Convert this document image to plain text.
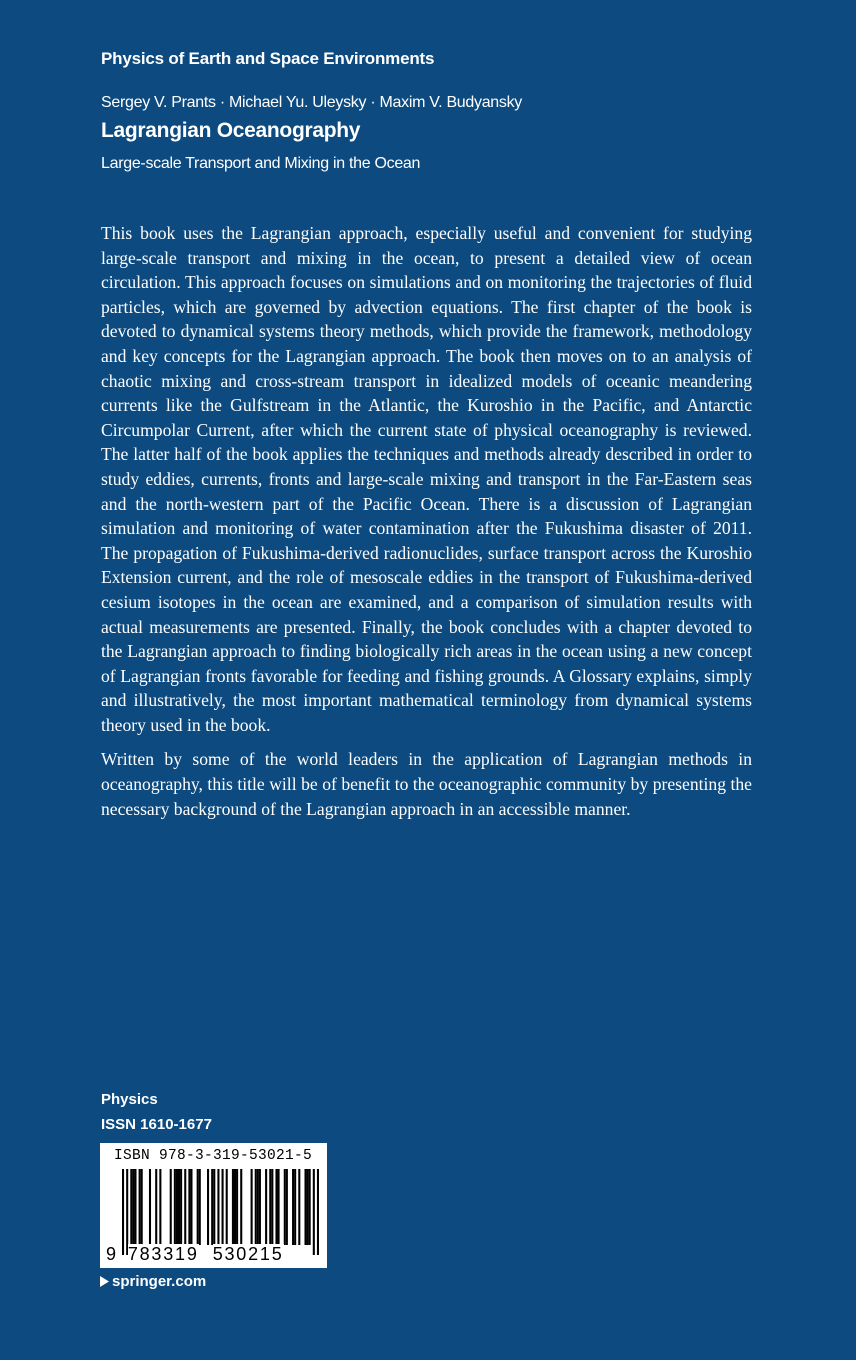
Physics of Earth and Space Environments
Sergey V. Prants · Michael Yu. Uleysky · Maxim V. Budyansky
Lagrangian Oceanography
Large-scale Transport and Mixing in the Ocean

This book uses the Lagrangian approach, especially useful and convenient for studying large-scale transport and mixing in the ocean, to present a detailed view of ocean circulation. This approach focuses on simulations and on monitoring the trajectories of fluid particles, which are governed by advection equations. The first chapter of the book is devoted to dynamical systems theory methods, which provide the framework, methodology and key concepts for the Lagrangian approach. The book then moves on to an analysis of chaotic mixing and cross-stream transport in idealized models of oceanic meandering currents like the Gulfstream in the Atlantic, the Kuroshio in the Pacific, and Antarctic Circumpolar Current, after which the current state of physical oceanography is reviewed. The latter half of the book applies the techniques and methods already described in order to study eddies, currents, fronts and large-scale mixing and transport in the Far-Eastern seas and the north-western part of the Pacific Ocean. There is a discussion of Lagrangian simulation and monitoring of water contamination after the Fukushima disaster of 2011. The propagation of Fukushima-derived radionuclides, surface transport across the Kuroshio Extension current, and the role of mesoscale eddies in the transport of Fukushima-derived cesium isotopes in the ocean are examined, and a comparison of simulation results with actual measurements are presented. Finally, the book concludes with a chapter devoted to the Lagrangian approach to finding biologically rich areas in the ocean using a new concept of Lagrangian fronts favorable for feeding and fishing grounds. A Glossary explains, simply and illustratively, the most important mathematical terminology from dynamical systems theory used in the book.

Written by some of the world leaders in the application of Lagrangian methods in oceanography, this title will be of benefit to the oceanographic community by presenting the necessary background of the Lagrangian approach in an accessible manner.

Physics
ISSN 1610-1677
ISBN 978-3-319-53021-5
9 783319 530215
springer.com
